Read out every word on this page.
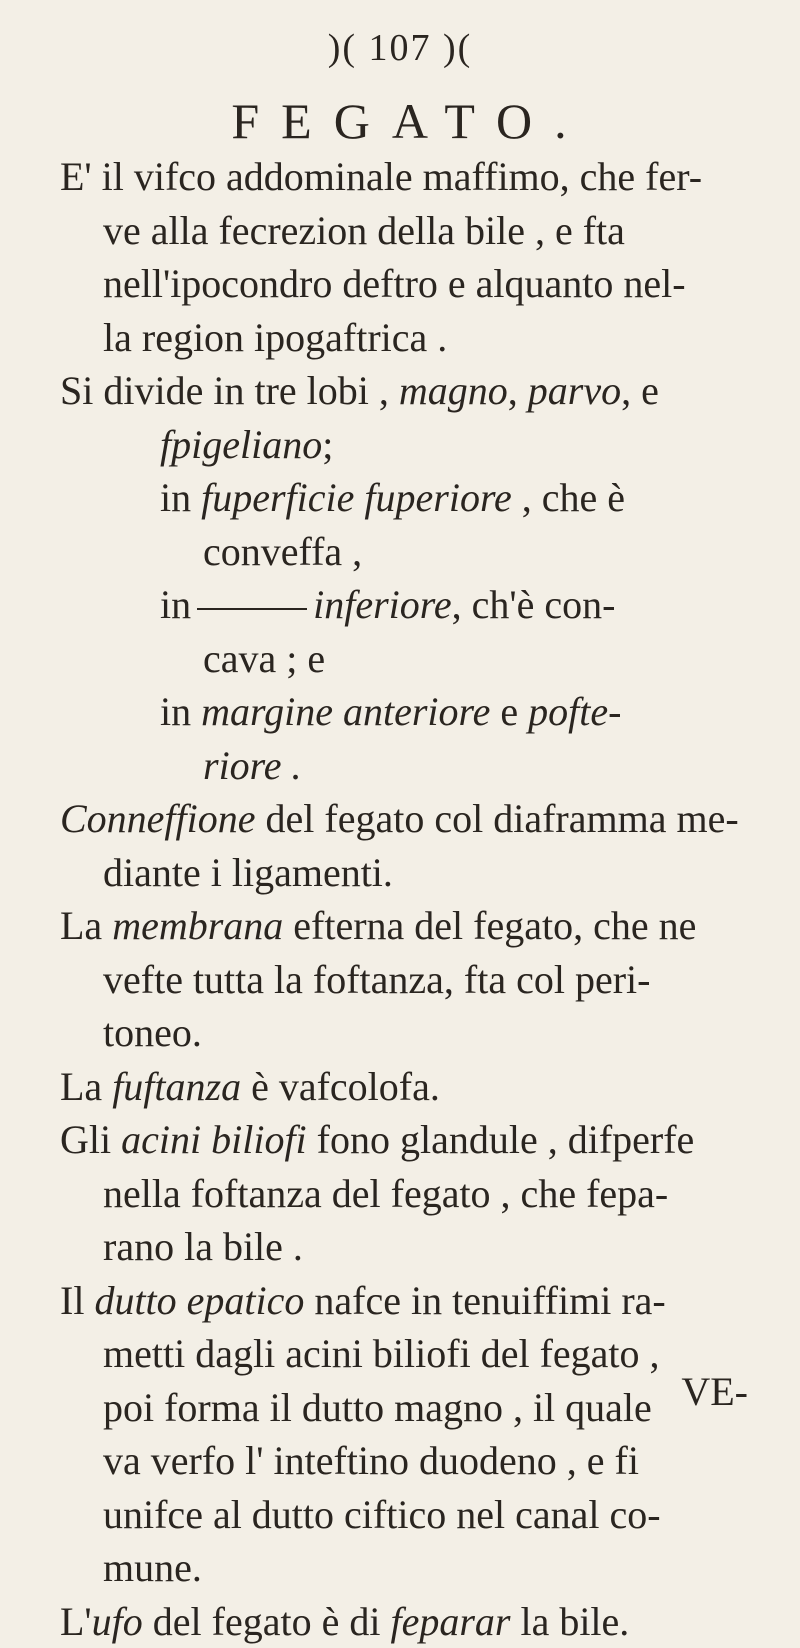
)( 107 )(
FEGATO.
E' il vifco addominale maffimo, che fer-
ve alla fecrezion della bile , e fta
nell'ipocondro deftro e alquanto nel-
la region ipogaftrica .
Si divide in tre lobi , magno, parvo, e
fpigeliano;
in fuperficie fuperiore , che è
conveffa ,
in	inferiore, ch'è con-
cava ; e
in margine anteriore e pofte-
riore .
Conneffione del fegato col diaframma me-
diante i ligamenti.
La membrana efterna del fegato, che ne
vefte tutta la foftanza, fta col peri-
toneo.
La fuftanza è vafcolofa.
Gli acini biliofi fono glandule , difperfe
nella foftanza del fegato , che fepa-
rano la bile .
Il dutto epatico nafce in tenuiffimi ra-
metti dagli acini biliofi del fegato ,
poi forma il dutto magno , il quale
va verfo l' inteftino duodeno , e fi
unifce al dutto ciftico nel canal co-
mune.
L'ufo del fegato è di feparar la bile.
VE-
